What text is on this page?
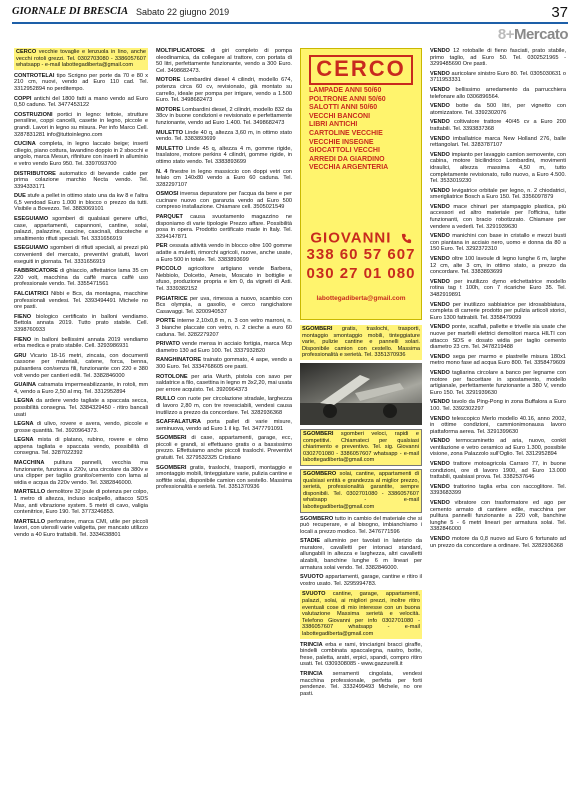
GIORNALE DI BRESCIA Sabato 22 giugno 2019	37
8+Mercato

CERCO vecchie tovaglie e lenzuola in lino, anche vecchi rotoli grezzi. Tel. 0302703080 - 3386057607 whatsapp - e-mail labottegadiberta@gmail.com

CONTROTELAI tipo Scrigno per porte da 70 e 80 x 210 cm, nuovi, vendo ad Euro 110 cad. Tel. 3312952894 no perditempo.

COPPI antichi del 1800 fatti a mano vendo ad Euro 0,50 caduno. Tel. 3477453122

COSTRUZIONI portici in legno: tettoie, strutture pensiline, coppi cancelli, casette in legno, piccole e grandi. Lavori in legno su misura. Per info Marco Cell. 3287831281 info@tuttoinlegno.com

CUCINA completa, in legno laccato beige; inserti ciliegio, piano cottura, lavandino doppio in 2 sbocchi e angolo, marca Mesun, rifiniture con inserti in alluminio e vetro vendo Euro 950. Tel. 3397093700

DISTRIBUTORE automatico di bevande calde per prima colazione marchio Necta vendo. Tel. 3394333171

DUE stufe a pellet in ottimo stato una da kw 8 e l'altra 6,5 vendoad Euro 1.000 in blocco o prezzo da tutti. Visibile a Bovezzo. Tel. 3883069101

ESEGUIAMO sgomberi di qualsiasi genere uffici, case, appartamenti, capannoni, cantine, solai, palazzi, palazzine, cascine, cascinali, discoteche e smaltimento rifiuti speciali. Tel. 3331656919

ESEGUIAMO sgomberi di rifiuti speciali, ai prezzi più convenienti del mercato, preventivi gratuiti, lavori eseguiti in giornata. Tel. 3331656919

FABBRICATORE di ghiaccio, affettatrice lama 35 cm 220 volt, macchina da caffè marca caffè uso professionale vendo. Tel. 3355471561

FALCIATRICI Nibbi e Bcs, da montagna, macchine professionali vendesi. Tel. 3393494491 Michele no ore pasti.

FIENO biologico certificato in balloni vendiamo. Bettola annata 2019. Tutto prato stabile. Cell. 3398760933

FIENO in balloni bellissimi annata 2019 vendiamo erba medica e prato stabile. Cell. 3293986931

GRU Vicario 18-16 metri, zincata, con documenti cassone per materiali, catene, forca, benna, pulsantiera con/senza fili, funzionante con 220 e 380 volt vendo per cantieri edili. Tel. 3382846000

GUAINA catramata impermeabilizzante, in rotoli, mm 4, vendo a Euro 2,50 al mq. Tel. 3312952894

LEGNA da ardere vendo tagliate a spaccata secca, possibilità consegna. Tel. 3384329450 - ritiro bancali usati

LEGNA di ulivo, rovere e avera, vendo, piccole e grosse quantità. Tel. 3920964373.

LEGNA mista di platano, rubino, rovere e olmo appena tagliata e spaccata vendo, possibilità di consegna. Tel. 3287022392

MACCHINA pulitura pannelli, vecchia ma funzionante, funziona a 220v, una circolare da 380v e una clipper per tagliio granito/cemento con lama al widia e acqua da 220v vendo. Tel. 3382846000.

MARTELLO demolitore 32 joule di potenza per colpo, 1 metro di altezza, incluso scalpello, attacco SDS Max, anti vibrazione system. 5 metri di cavo, valigia contenitrice, Euro 190. Tel. 3773246853.

MARTELLO perforatore, marca CMI, utile per piccoli lavori, con utensili varie valigetta, per mancato utilizzo vendo a 40 Euro trattabili. Tel. 3334638801

MOLTIPLICATORE di giri completo di pompa oleodinamica, da collegare al trattore, con portata di 50 litri, perfettamente funzionante, vendo a 300 Euro. Cel. 3498682473.

MOTORE Lombardini diesel 4 cilindri, modello 674, potenza circa 60 cv, revisionato, già montato su carrello, ideale per pompa per irrigare, vendo a 1.500 Euro. Tel. 3498682473

MOTORE Lombardini diesel, 2 cilindri, modello 832 da 38cv in buone condizioni e revisionato e perfettamente funzionante, vendo ad Euro 1.400. Tel. 3498682473

MULETTO Linde 40 q, altezza 3,60 m, in ottimo stato vendo. Tel. 3383893699

MULETTO Linde 45 q, altezza 4 m, gomme rigide, traslatore, motore perkins 4 cilindri, gomme rigide, in ottimo stato vendo. Tel. 3383893699

N. 4 finestre in legno massiccio con doppi vetri con telaio cm 140x80 vendo a Euro 60 caduna. Tel. 3282297107

OSMOSI inversa depuratore per l'acqua da bere e per cucinare nuovo con garanzia vendo ad Euro 500 compreso installazione. Chiamare cell. 3505021549

PARQUET causa svuotamento magazzino ne disponiamo di varie tipologie Prezzo affare. Possibilità posa in opera. Prodotto certificato made in Italy. Tel. 3294147871

PER cessata attività vendo in blocco oltre 100 gomme adatte a muletti, rimorchi agricoli, nuove, anche usate, a Euro 500 in totale. Tel. 3383893699

PICCOLO agricoltore artigiano vende Barbera, Nebbiolo, Dolcetto, Arneis, Moscato in bottiglie e sfuso, produzione propria e km 0, da vigneti di Asti. Tel. 3339382152

PIGIATRICE per uva, rimessa a nuovo, scambio con Bcs olympia, a gasolio, e cerco rangichatore Casavaggi. Tel. 3200940537

PORTE interne 2,10x0,8 m, n. 3 con vetro marroni, n. 3 bianche placcate con vetro, n. 2 cieche a euro 60 caduna. Tel. 3282279207

PRIVATO vende mensa in acciaio fortigia, marca Mcp diametro 130 ad Euro 100. Tel. 3337932820

RANGHINATORE trainato gommato, 4 aspe, vendo a 300 Euro. Tel. 3334768605 ore pasti.

ROTOLONE per aria Wurth, pistola con savo per saldatrice a filo, casettina in legno m 3x2,20, mai usata per errore acquisto. Tel. 3920964373

RULLO con ruote per circolazione stradale, larghezza di lavoro 2,80 m, con tre rovesciabili, vendesi causa inutilizzo a prezzo da concordare. Tel. 3282936368

SCAFFALATURA porta pallet di varie misure, seminuova, vendo ad Euro 1 il kg. Tel. 3477791091

SGOMBERI di case, appartamenti, garage, ecc, piccoli e grandi, si effettuano gratis o a bassissimo prezzo. Effettuiamo anche piccoli traslochi. Preventivi gratuiti. Tel. 3279532325 Cristiano

SGOMBERI gratis, traslochi, trasporti, montaggio e smontaggio mobili, tinteggiature varie, pulizia cantine e soffitte solai, disponibile camion con sestello. Massima professionalità e serietà. Tel. 3351370936

CERCO
LAMPADE ANNI 50/60
POLTRONE ANNI 50/60
SALOTTI ANNI 50/60
VECCHI BANCONI
LIBRI ANTICHI
CARTOLINE VECCHIE
VECCHIE INSEGNE
GIOCATTOLI VECCHI
ARREDI DA GIARDINO
VECCHIA ARGENTERIA
GIOVANNI
338 60 57 607
030 27 01 080
labottegadiberta@gmail.com

SGOMBERI gratis, traslochi, trasporti, montaggio smontaggio mobili, tinteggiature varie, pulizie cantine e pannelli solari. Disponibile camion con cestello. Massima professionalità e serietà. Tel. 3351370936

SGOMBERI sgomberi veloci, rapidi e competitivi. Chiamateci per qualsiasi chiarimento e preventivo. Tel. sig. Giovanni 0302701080 - 3386057607 whatsapp - e-mail labottegadiberta@gmail.com

SGOMBERO solai, cantine, appartamenti di qualsiasi entità e grandezza al miglior prezzo, serietà, professionalità garantite, sempre disponibili. Tel. 0302701080 - 3386057607 whatsapp - e-mail labottegadiberta@gmail.com

SGOMBERO tutto in cambio del materiale che si può recuperare, e al bisogno, imbianchiamo i locali a prezzo modico. Tel. 3476771596

STADIE alluminio per tavolati in laterizio da muratore, cavalletti per intonaci standard, allungabili in altezza e larghezza, altri cavalletti alzabili, banchine lunghe 6 m lineari per armatura solai vendo. Tel. 3382846000.

SVUOTO appartamenti, garage, cantine e ritiro il vostro usato. Tel. 3295994783.

SVUOTO cantine, garage, appartamenti, palazzi, solai, ai migliori prezzi, inoltre ritiro eventuali cose di mio interesse con un buona valutazione Massima serietà e velocità. Telefono Giovanni per info 0302701080 - 3386057607 whatsapp - e-mail labottegadiberta@gmail.com

TRINCIA erba e rami, trinciarigni bracci giraffe, bindelli combinata spaccalegna, nastro, botte, frese, paletta, aratri, erpici, spandi, compro ritiro usati. Tel. 0309308085 - www.gazzurelli.it

TRINCIA serramenti cingolata, vendesi macchina professionale, perfetta per forti pendenze. Tel. 3332499493 Michele, no ore pasti.

VENDO 12 rotoballe di fieno fasciati, prato stabile, primo taglio, ad Euro 50. Tel. 0302521965 - 3299485690 Ore pasti.

VENDO auricolare sinistro Euro 80. Tel. 0305030631 o 3711953331

VENDO bellissimo arredamento da parrucchiera telefonare allo 0306896564.

VENDO botte da 500 litri, per vignetto con atomizzatore. Tel. 3392302076

VENDO coltivatore trattore 40/45 cv a Euro 200 trattabili. Tel. 3393837368

VENDO imballatrice marca New Holland 276, balle rettangolari. Tel. 3283787107

VENDO impianto per lavaggio camion semovente, con cabina, motore bicilindrico Lombardini, movimenti idraulici, altezza massima 4,50 m, tutto completamente revisionato, rullo nuovo, a Euro 4.500. Tel. 3533019230

VENDO levigatrice orbitale per legno, n. 2 chiodatrici, smerigliatrice Bosch a Euro 150. Tel. 3356097879

VENDO mace chinari per stampaggio plastica, più accessori ed altro materiale per l'officina, tutte funzionanti, con bracio robotizzato. Chiamare per vendere a vederli. Tel. 3291939630

VENDO manichini con base in cristallo e mezzi busti con piantana in acciaio nero, uomo e donna da 80 a 150 Euro. Tel. 3292372310

VENDO oltre 100 lavoule di legno lunghe 6 m, larghe 12 cm, alte 3 cm, in ottimo stato, a prezzo da concordare. Tel. 3383893699

VENDO per inutilizzo dymo etichettatrice modello rotina tag t 100h, con 7 ricariche Euro 35. Tel. 3482919891

VENDO per inutilizzo sabbiatrice per idrosabbiatura, completa di carrerie prodotto per pulizia articoli storici, Euro 1300 fattrabili. Tel. 3358479099

VENDO ponte, scaffali, pallette e trivelle sia usate che nuove per martelli elettrici demolitori marca HILTI con attacco SDS e dosato widia per taglio cemento diametro 23 cm. Tel. 3478219488

VENDO sega per marmo e piastrelle misura 180x1 metro mono fase ad acqua Euro 800. Tel. 3358479609

VENDO tagliarina circolare a banco per legname con motore per faccettare in spostamento, modello artigianale, perfettamente funzionante a 380 V, vendo Euro 150. Tel. 3291939630

VENDO tavolo da Ping-Pong in zona Buffalora a Euro 100. Tel. 3392302297

VENDO telescopico Merlo modello 40.16, anno 2002, in ottime condizioni, cammionimonausa lavoro piattaforma aerea. Tel. 3291399630

VENDO termocaminetto ad aria, nuovo, conkit ventilazione e vetro ceramico ad Euro 1.300, possibile visione, zona Palazzolo sull'Oglio. Tel. 3312952894

VENDO trattore motoagricola Carraro 77, in buone condizioni, ore di lavoro 1900, ad Euro 13.000 trattabili, qualsiasi prova. Tel. 3382537646

VENDO trattorino taglia erba con raccoglitore. Tel. 3393683399

VENDO vibratore con trasformatore ed ago per cemento armato di cantiere edile, macchina per pulitura pannelli funzionante a 220 volt, banchine lunghe 5 - 6 metri lineari per armatura solai. Tel. 3382846000

VENDO motore da 0,8 nuovo ad Euro 6 fortunato ad un prezzo da concordare a ordinare. Tel. 3282936368
